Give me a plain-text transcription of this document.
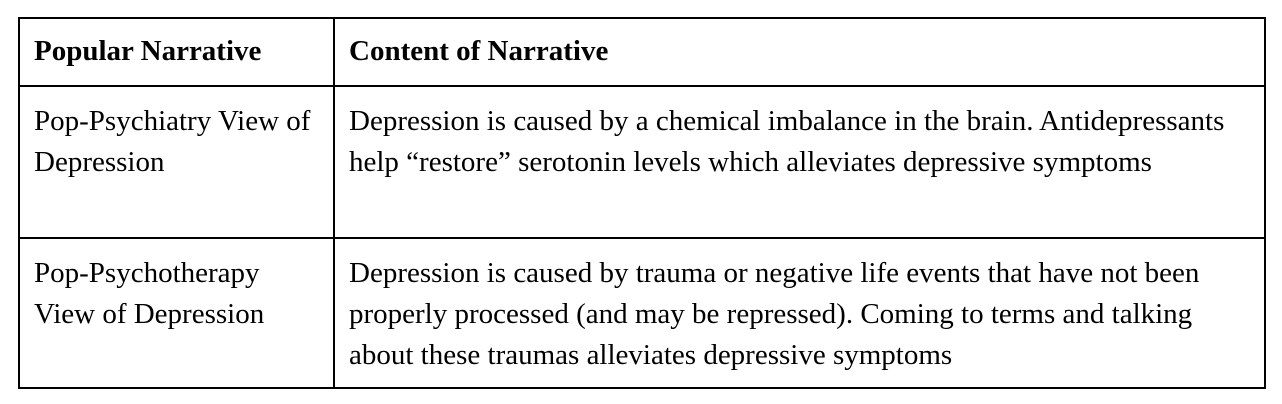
Popular Narrative	Content of Narrative
Pop-Psychiatry View of Depression	Depression is caused by a chemical imbalance in the brain. Antidepressants help “restore” serotonin levels which alleviates depressive symptoms
Pop-Psychotherapy View of Depression	Depression is caused by trauma or negative life events that have not been properly processed (and may be repressed). Coming to terms and talking about these traumas alleviates depressive symptoms
